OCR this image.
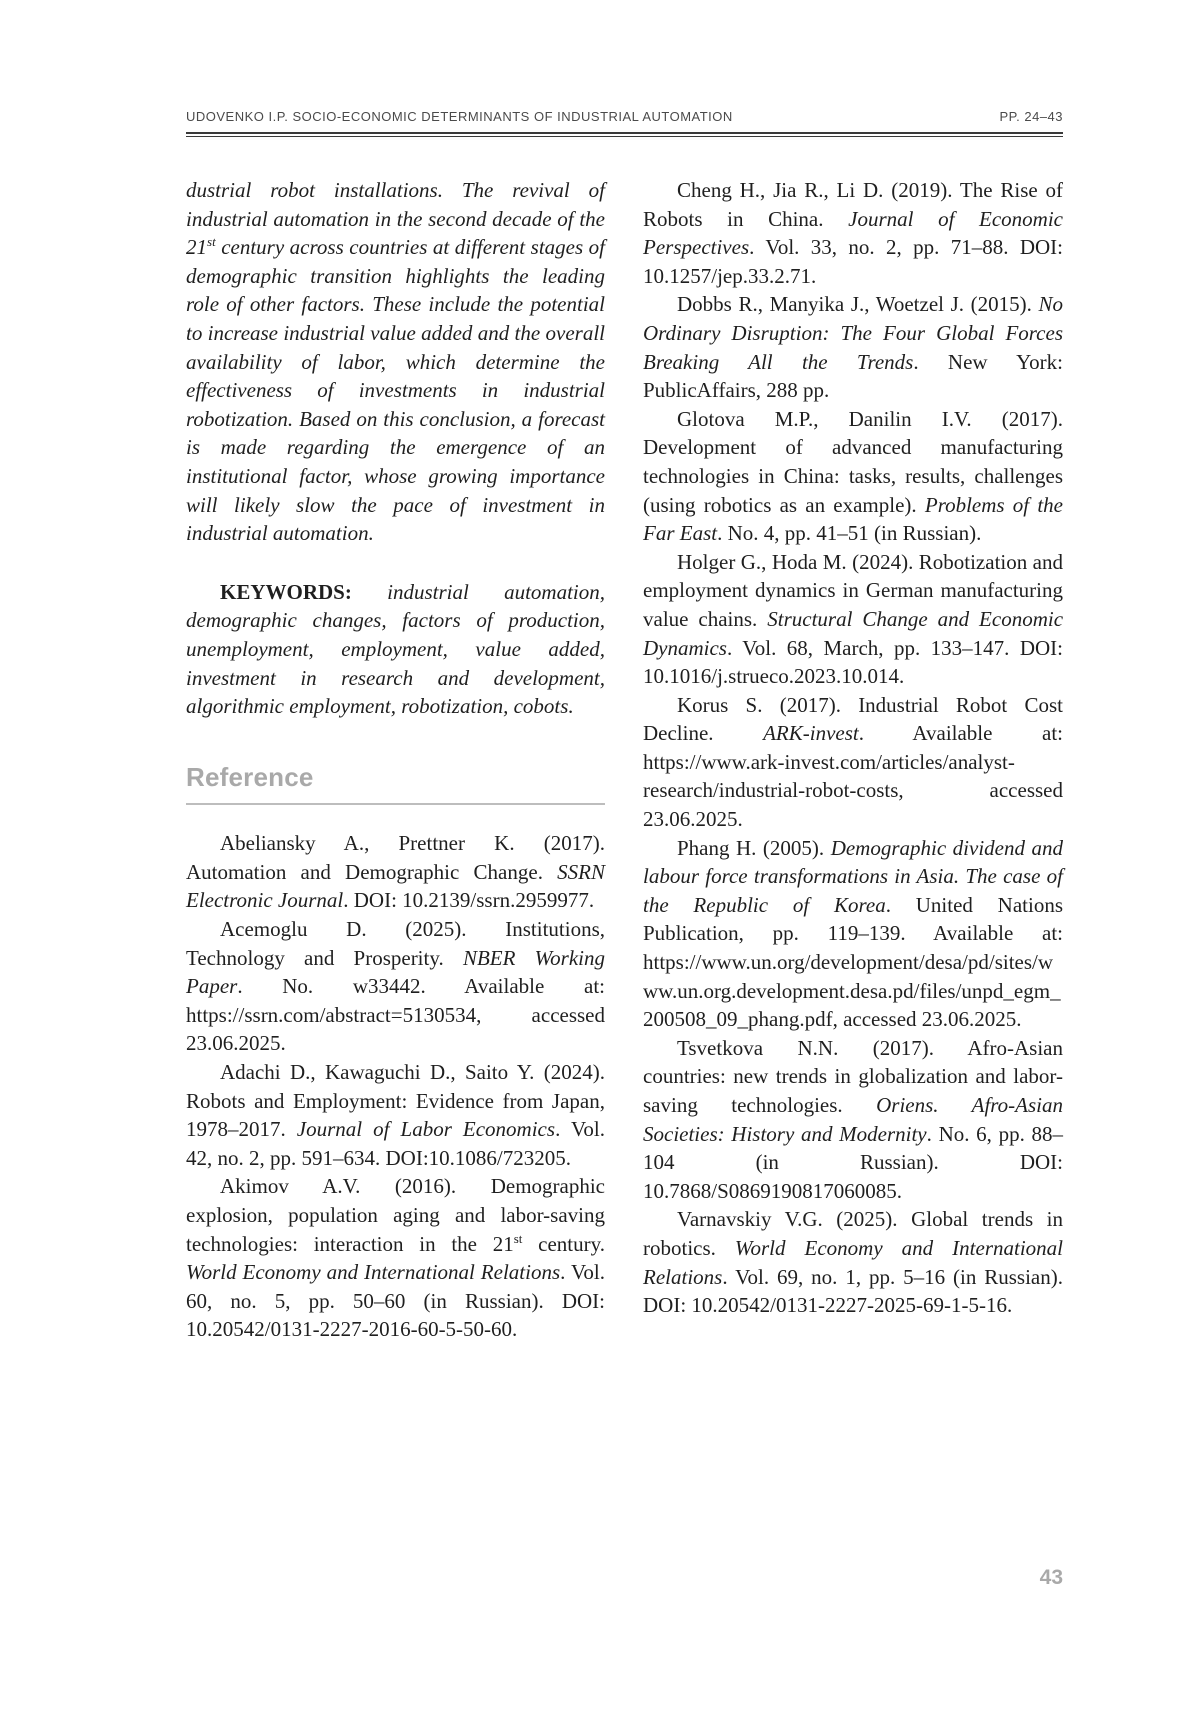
UDOVENKO I.P. SOCIO-ECONOMIC DETERMINANTS OF INDUSTRIAL AUTOMATION	PP. 24–43

dustrial robot installations. The revival of industrial automation in the second decade of the 21st century across countries at different stages of demographic transition highlights the leading role of other factors. These include the potential to increase industrial value added and the overall availability of labor, which determine the effectiveness of investments in industrial robotization. Based on this conclusion, a forecast is made regarding the emergence of an institutional factor, whose growing importance will likely slow the pace of investment in industrial automation.

KEYWORDS: industrial automation, demographic changes, factors of production, unemployment, employment, value added, investment in research and development, algorithmic employment, robotization, cobots.

Reference

Abeliansky A., Prettner K. (2017). Automation and Demographic Change. SSRN Electronic Journal. DOI: 10.2139/ssrn.2959977.

Acemoglu D. (2025). Institutions, Technology and Prosperity. NBER Working Paper. No. w33442. Available at: https://ssrn.com/abstract=5130534, accessed 23.06.2025.

Adachi D., Kawaguchi D., Saito Y. (2024). Robots and Employment: Evidence from Japan, 1978–2017. Journal of Labor Economics. Vol. 42, no. 2, pp. 591–634. DOI:10.1086/723205.

Akimov A.V. (2016). Demographic explosion, population aging and labor-saving technologies: interaction in the 21st century. World Economy and International Relations. Vol. 60, no. 5, pp. 50–60 (in Russian). DOI: 10.20542/0131-2227-2016-60-5-50-60.

Cheng H., Jia R., Li D. (2019). The Rise of Robots in China. Journal of Economic Perspectives. Vol. 33, no. 2, pp. 71–88. DOI: 10.1257/jep.33.2.71.

Dobbs R., Manyika J., Woetzel J. (2015). No Ordinary Disruption: The Four Global Forces Breaking All the Trends. New York: PublicAffairs, 288 pp.

Glotova M.P., Danilin I.V. (2017). Development of advanced manufacturing technologies in China: tasks, results, challenges (using robotics as an example). Problems of the Far East. No. 4, pp. 41–51 (in Russian).

Holger G., Hoda M. (2024). Robotization and employment dynamics in German manufacturing value chains. Structural Change and Economic Dynamics. Vol. 68, March, pp. 133–147. DOI: 10.1016/j.strueco.2023.10.014.

Korus S. (2017). Industrial Robot Cost Decline. ARK-invest. Available at: https://www.ark-invest.com/articles/analyst-research/industrial-robot-costs, accessed 23.06.2025.

Phang H. (2005). Demographic dividend and labour force transformations in Asia. The case of the Republic of Korea. United Nations Publication, pp. 119–139. Available at: https://www.un.org/development/desa/pd/sites/www.un.org.development.desa.pd/files/unpd_egm_200508_09_phang.pdf, accessed 23.06.2025.

Tsvetkova N.N. (2017). Afro-Asian countries: new trends in globalization and labor-saving technologies. Oriens. Afro-Asian Societies: History and Modernity. No. 6, pp. 88–104 (in Russian). DOI: 10.7868/S0869190817060085.

Varnavskiy V.G. (2025). Global trends in robotics. World Economy and International Relations. Vol. 69, no. 1, pp. 5–16 (in Russian). DOI: 10.20542/0131-2227-2025-69-1-5-16.

43
